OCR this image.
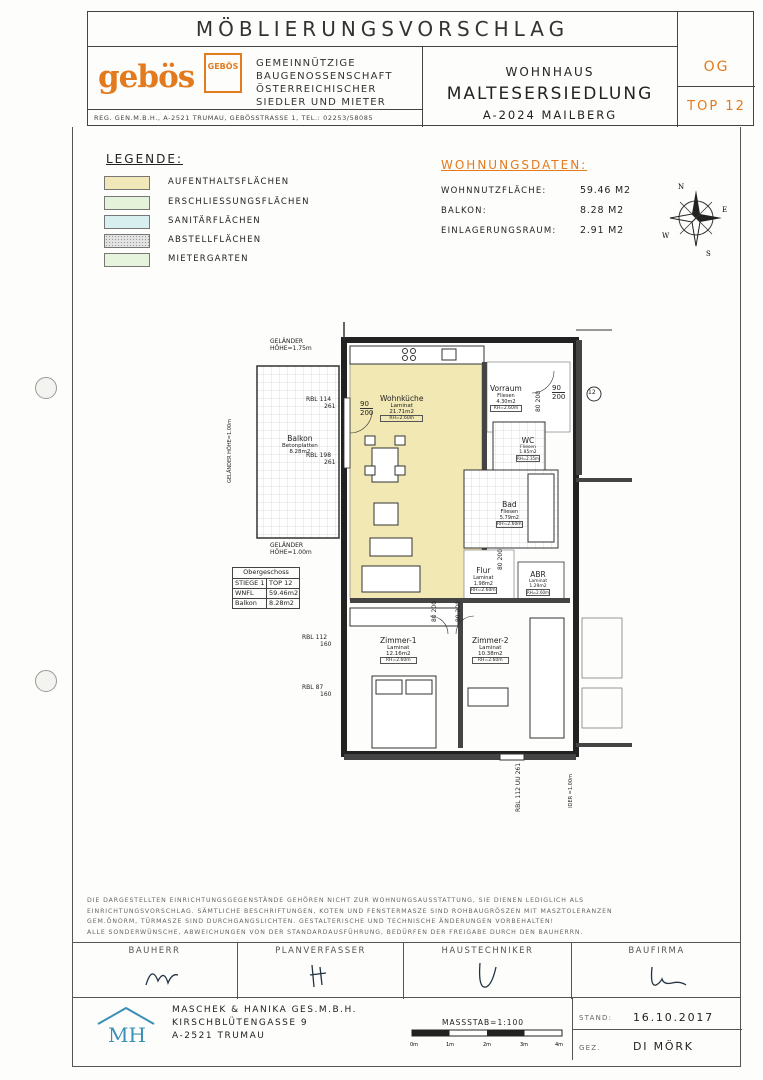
MÖBLIERUNGSVORSCHLAG
gebös	GEBÖS	GEMEINNÜTZIGE
BAUGENOSSENSCHAFT
ÖSTERREICHISCHER
SIEDLER UND MIETER
REG. GEN.M.B.H., A-2521 TRUMAU, GEBÖSSTRASSE 1, TEL.: 02253/58085
WOHNHAUS
MALTESERSIEDLUNG
A-2024 MAILBERG
OG
TOP 12
LEGENDE:
AUFENTHALTSFLÄCHEN
ERSCHLIESSUNGSFLÄCHEN
SANITÄRFLÄCHEN
ABSTELLFLÄCHEN
MIETERGARTEN
WOHNUNGSDATEN:
WOHNNUTZFLÄCHE:	59.46 M2
BALKON:	8.28 M2
EINLAGERUNGSRAUM: 2.91 M2
N
E
S
W
GELÄNDER
HÖHE=1.75m
GELÄNDER
HÖHE=1.00m
GELÄNDER HÖHE=1.00m	Balkon
Betonplatten
8.28m2
Wohnküche
Laminat
21.71m2
RH=2.60m
Vorraum
Fliesen
4.30m2
RH=2.60m
WC
Fliesen
1.85m2
RH=2.35m
Bad
Fliesen
5.79m2
RH=2.60m
Flur
Laminat
1.98m2
RH=2.60m
ABR
Laminat
1.29m2
RH=2.60m
Zimmer-1
Laminat
12.16m2
RH=2.60m
Zimmer-2
Laminat
10.38m2
RH=2.60m
RBL 114
261
RBL 198
261
RBL 112
160
RBL 87
160
RBL 112 UU 261
90
200
90
200
12
80 200
80 200
80 200
80 200
IDER =1.00m
Obergeschoss
STIEGE 1 TOP 12
WNFL	59.46m2
Balkon	8.28m2
DIE DARGESTELLTEN EINRICHTUNGSGEGENSTÄNDE GEHÖREN NICHT ZUR WOHNUNGSAUSSTATTUNG, SIE DIENEN LEDIGLICH ALS
EINRICHTUNGSVORSCHLAG. SÄMTLICHE BESCHRIFTUNGEN, KOTEN UND FENSTERMASZE SIND ROHBAUGRÖSZEN MIT MASZTOLERANZEN
GEM.ÖNORM, TÜRMASZE SIND DURCHGANGSLICHTEN. GESTALTERISCHE UND TECHNISCHE ÄNDERUNGEN VORBEHALTEN!
ALLE SONDERWÜNSCHE, ABWEICHUNGEN VON DER STANDARDAUSFÜHRUNG, BEDÜRFEN DER FREIGABE DURCH DEN BAUHERRN.
BAUHERR	PLANVERFASSER	HAUSTECHNIKER	BAUFIRMA
MH
MASCHEK & HANIKA GES.M.B.H.
KIRSCHBLÜTENGASSE 9
A-2521 TRUMAU
MASSSTAB=1:100
0m	1m	2m	3m	4m
STAND: 16.10.2017
GEZ.	DI MÖRK
